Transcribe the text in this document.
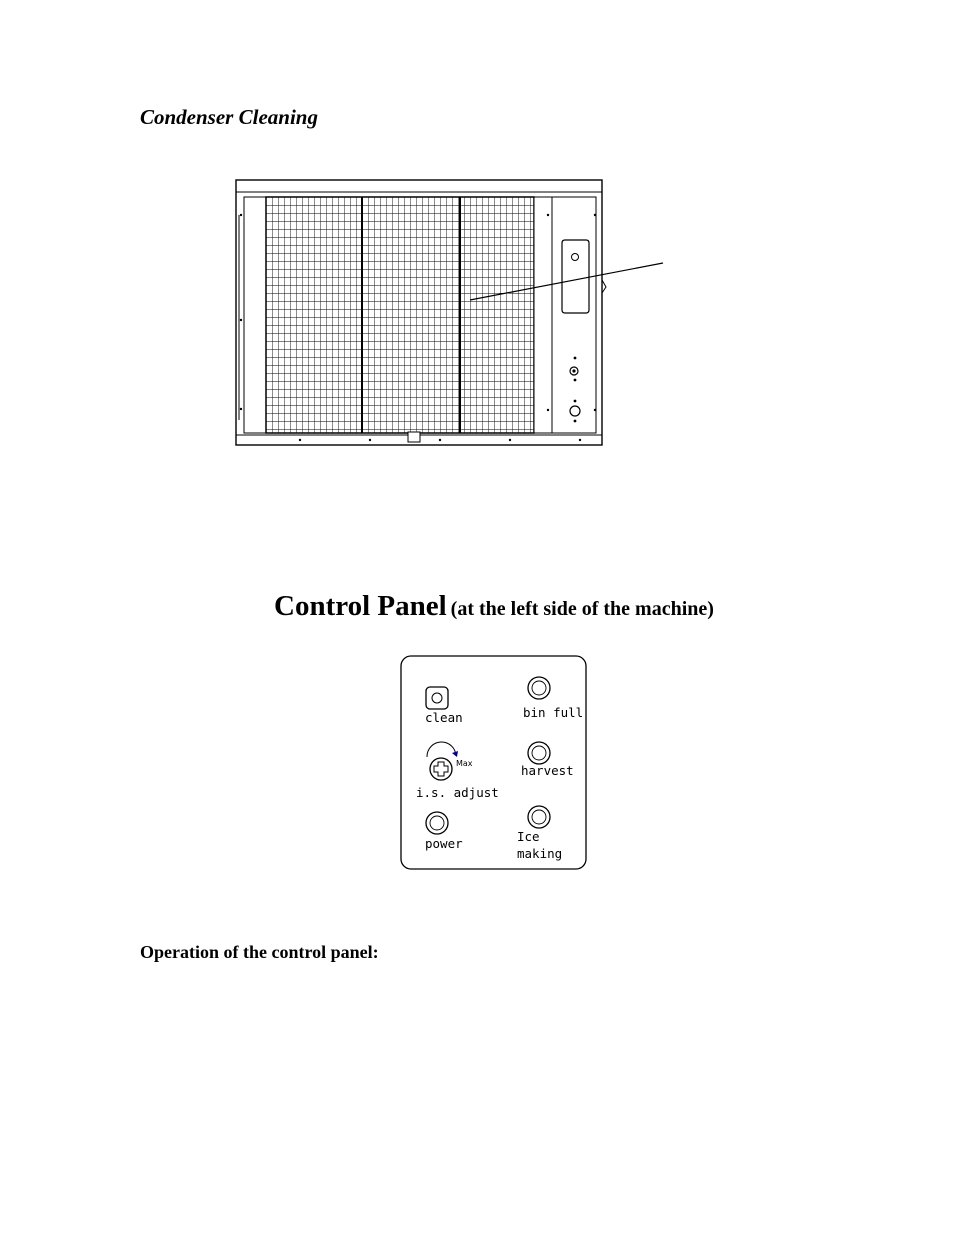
Condenser Cleaning
Control Panel (at the left side of the machine)
clean	bin full
Max
i.s. adjust
harvest
power	Ice
making
Operation of the control panel:
